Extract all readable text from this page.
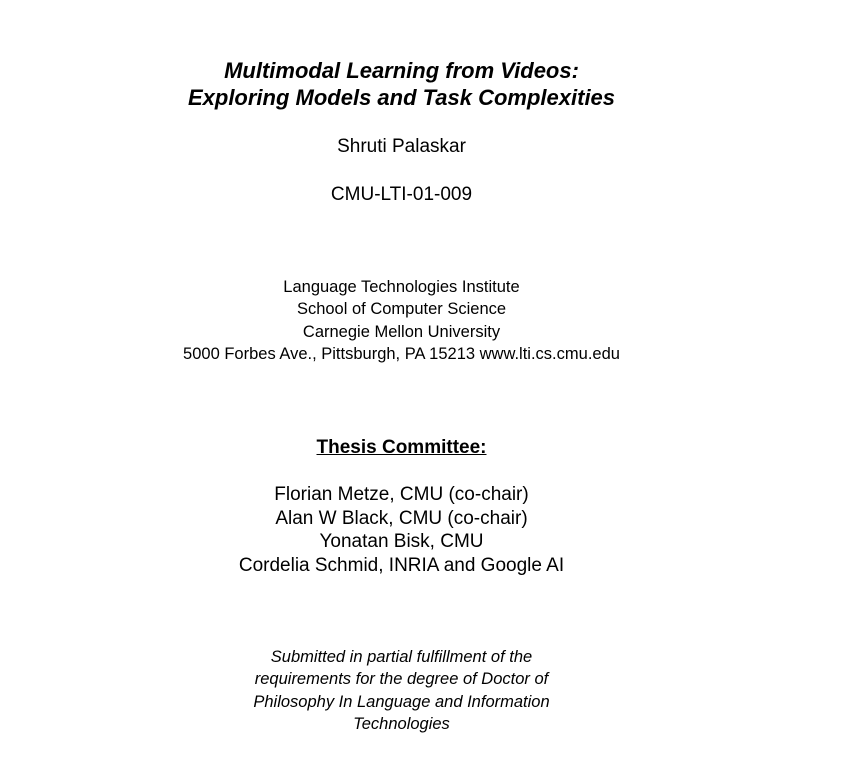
Multimodal Learning from Videos:
Exploring Models and Task Complexities
Shruti Palaskar
CMU-LTI-01-009
Language Technologies Institute
School of Computer Science
Carnegie Mellon University
5000 Forbes Ave., Pittsburgh, PA 15213 www.lti.cs.cmu.edu
Thesis Committee:
Florian Metze, CMU (co-chair)
Alan W Black, CMU (co-chair)
Yonatan Bisk, CMU
Cordelia Schmid, INRIA and Google AI
Submitted in partial fulfillment of the
requirements for the degree of Doctor of
Philosophy In Language and Information
Technologies
